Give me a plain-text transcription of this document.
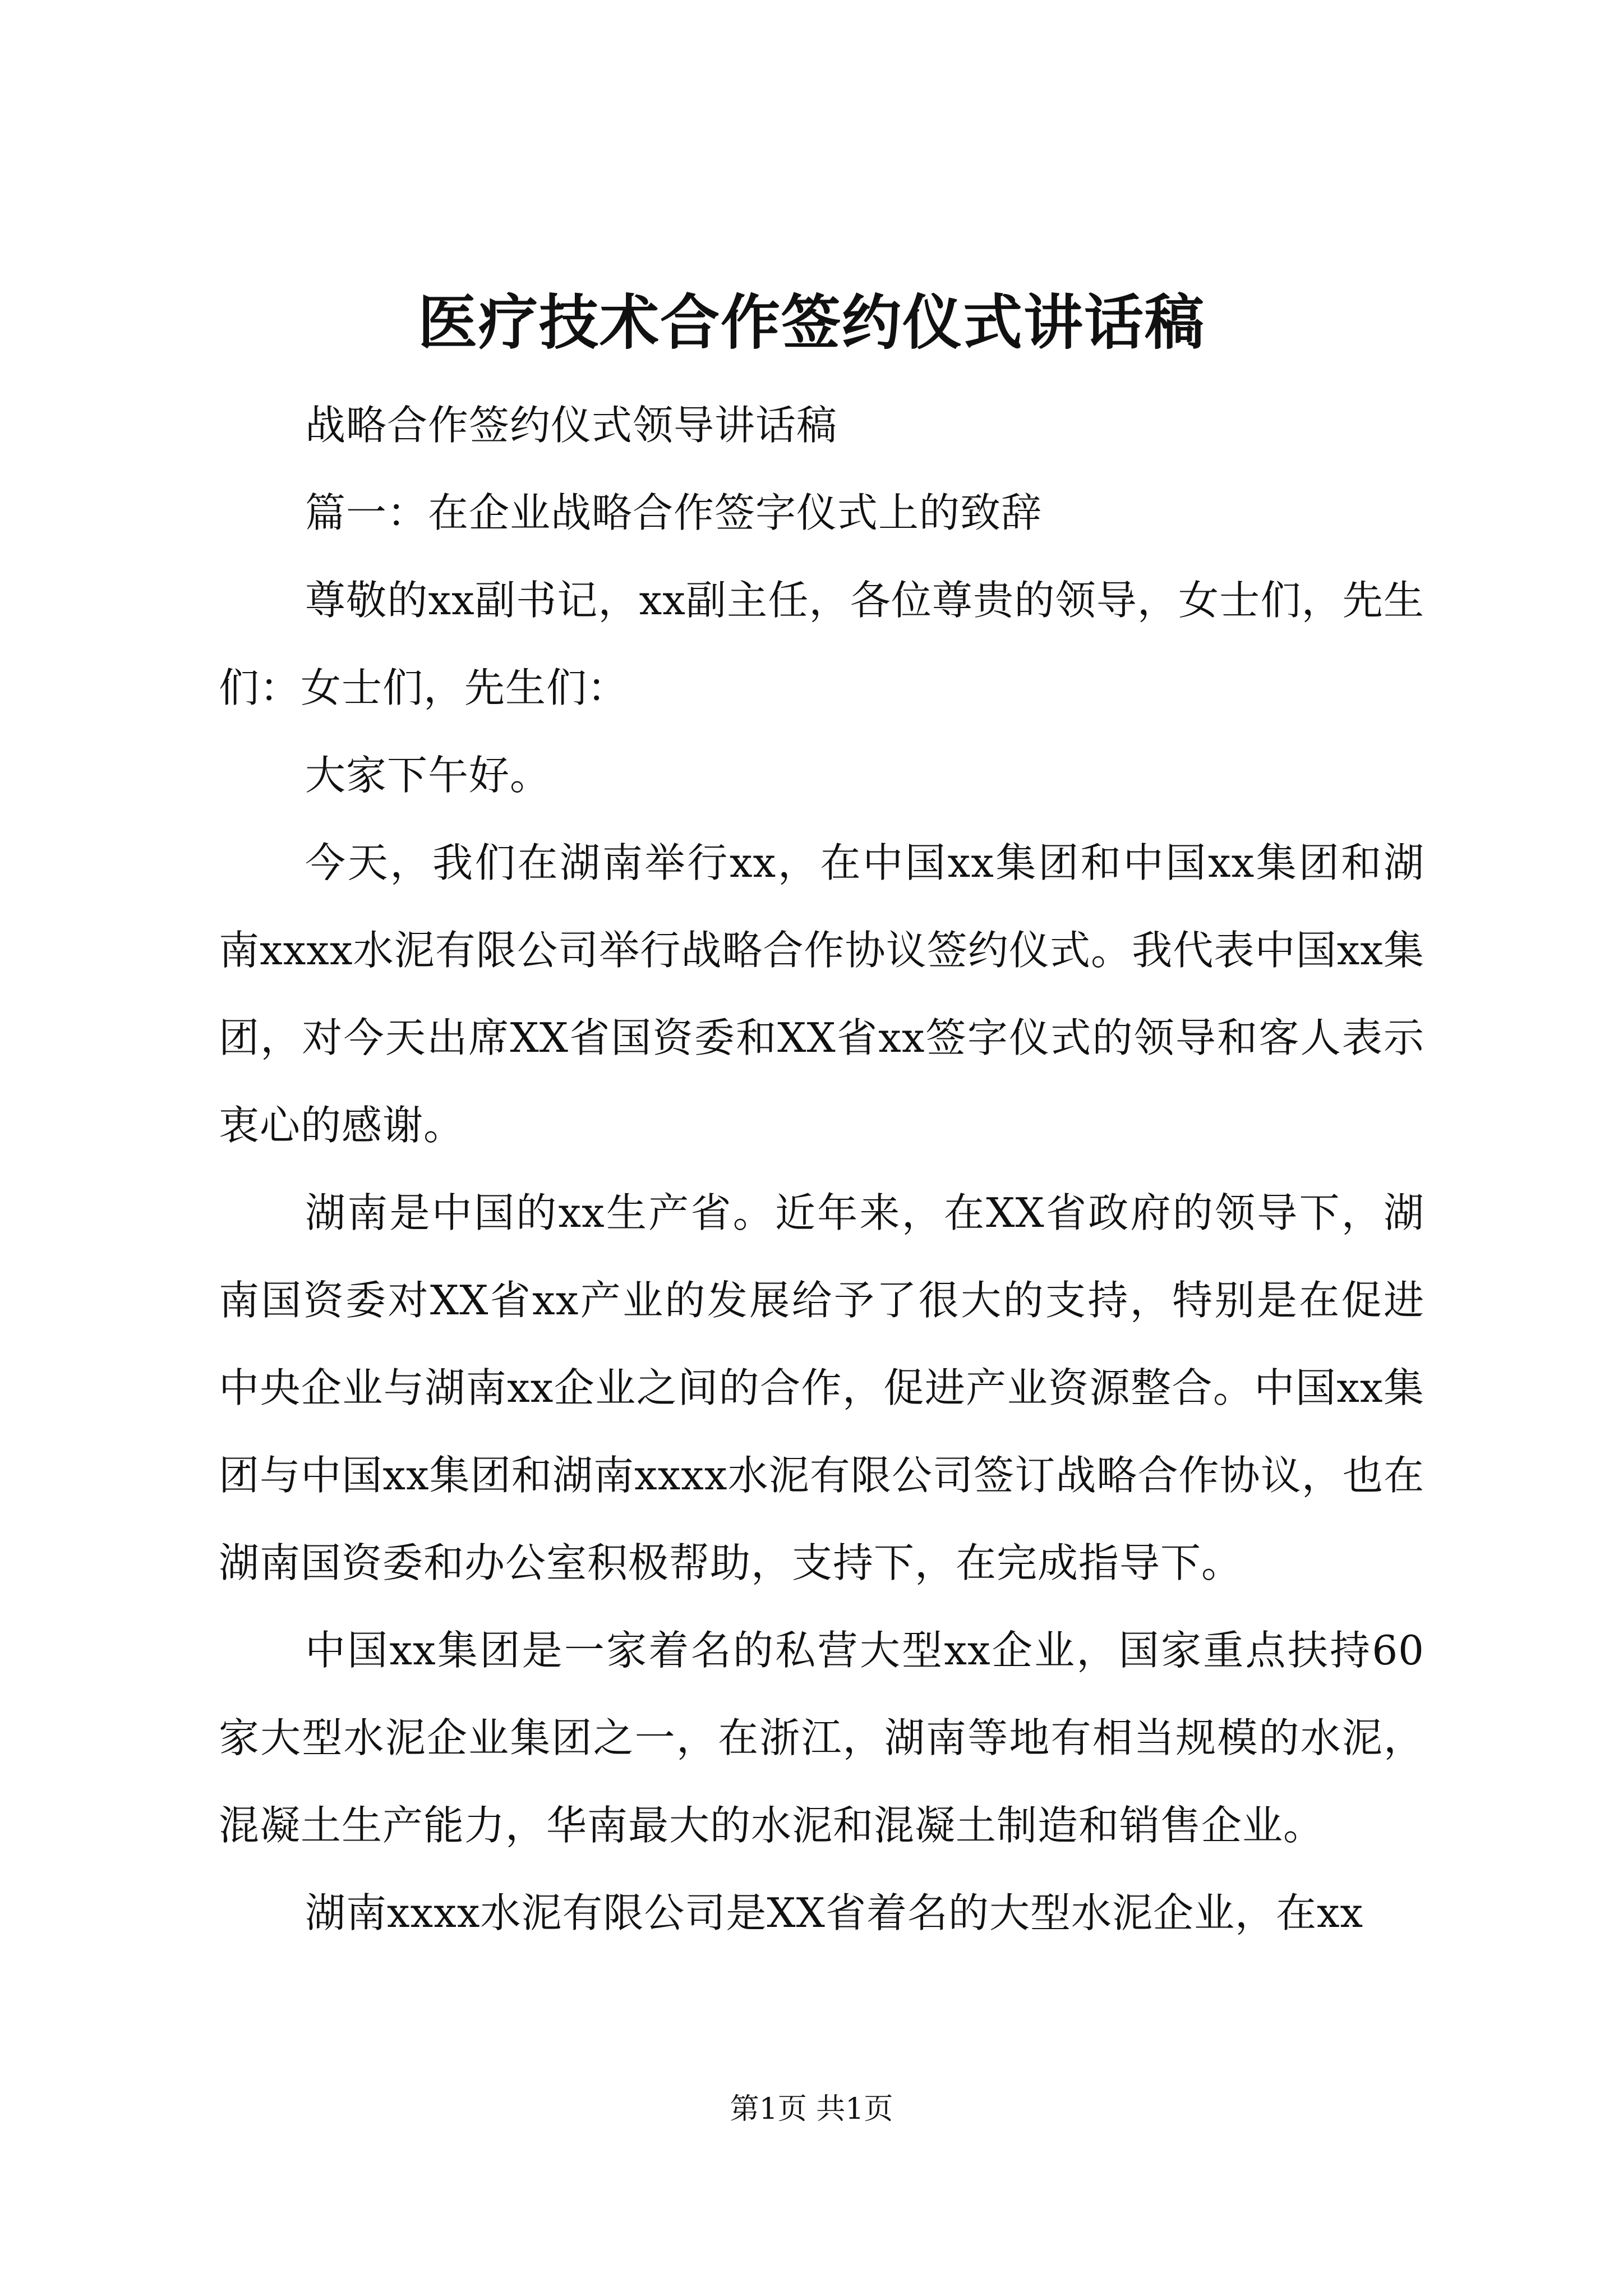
医疗技术合作签约仪式讲话稿

战略合作签约仪式领导讲话稿

篇一：在企业战略合作签字仪式上的致辞

尊敬的xx副书记，xx副主任，各位尊贵的领导，女士们，先生们：女士们，先生们：

大家下午好。

今天，我们在湖南举行xx，在中国xx集团和中国xx集团和湖南xxxx水泥有限公司举行战略合作协议签约仪式。我代表中国xx集团，对今天出席XX省国资委和XX省xx签字仪式的领导和客人表示衷心的感谢。

湖南是中国的xx生产省。近年来，在XX省政府的领导下，湖南国资委对XX省xx产业的发展给予了很大的支持，特别是在促进中央企业与湖南xx企业之间的合作，促进产业资源整合。中国xx集团与中国xx集团和湖南xxxx水泥有限公司签订战略合作协议，也在湖南国资委和办公室积极帮助，支持下，在完成指导下。

中国xx集团是一家着名的私营大型xx企业，国家重点扶持60家大型水泥企业集团之一，在浙江，湖南等地有相当规模的水泥，混凝土生产能力，华南最大的水泥和混凝土制造和销售企业。

湖南xxxx水泥有限公司是XX省着名的大型水泥企业，在xx

第1页 共1页
